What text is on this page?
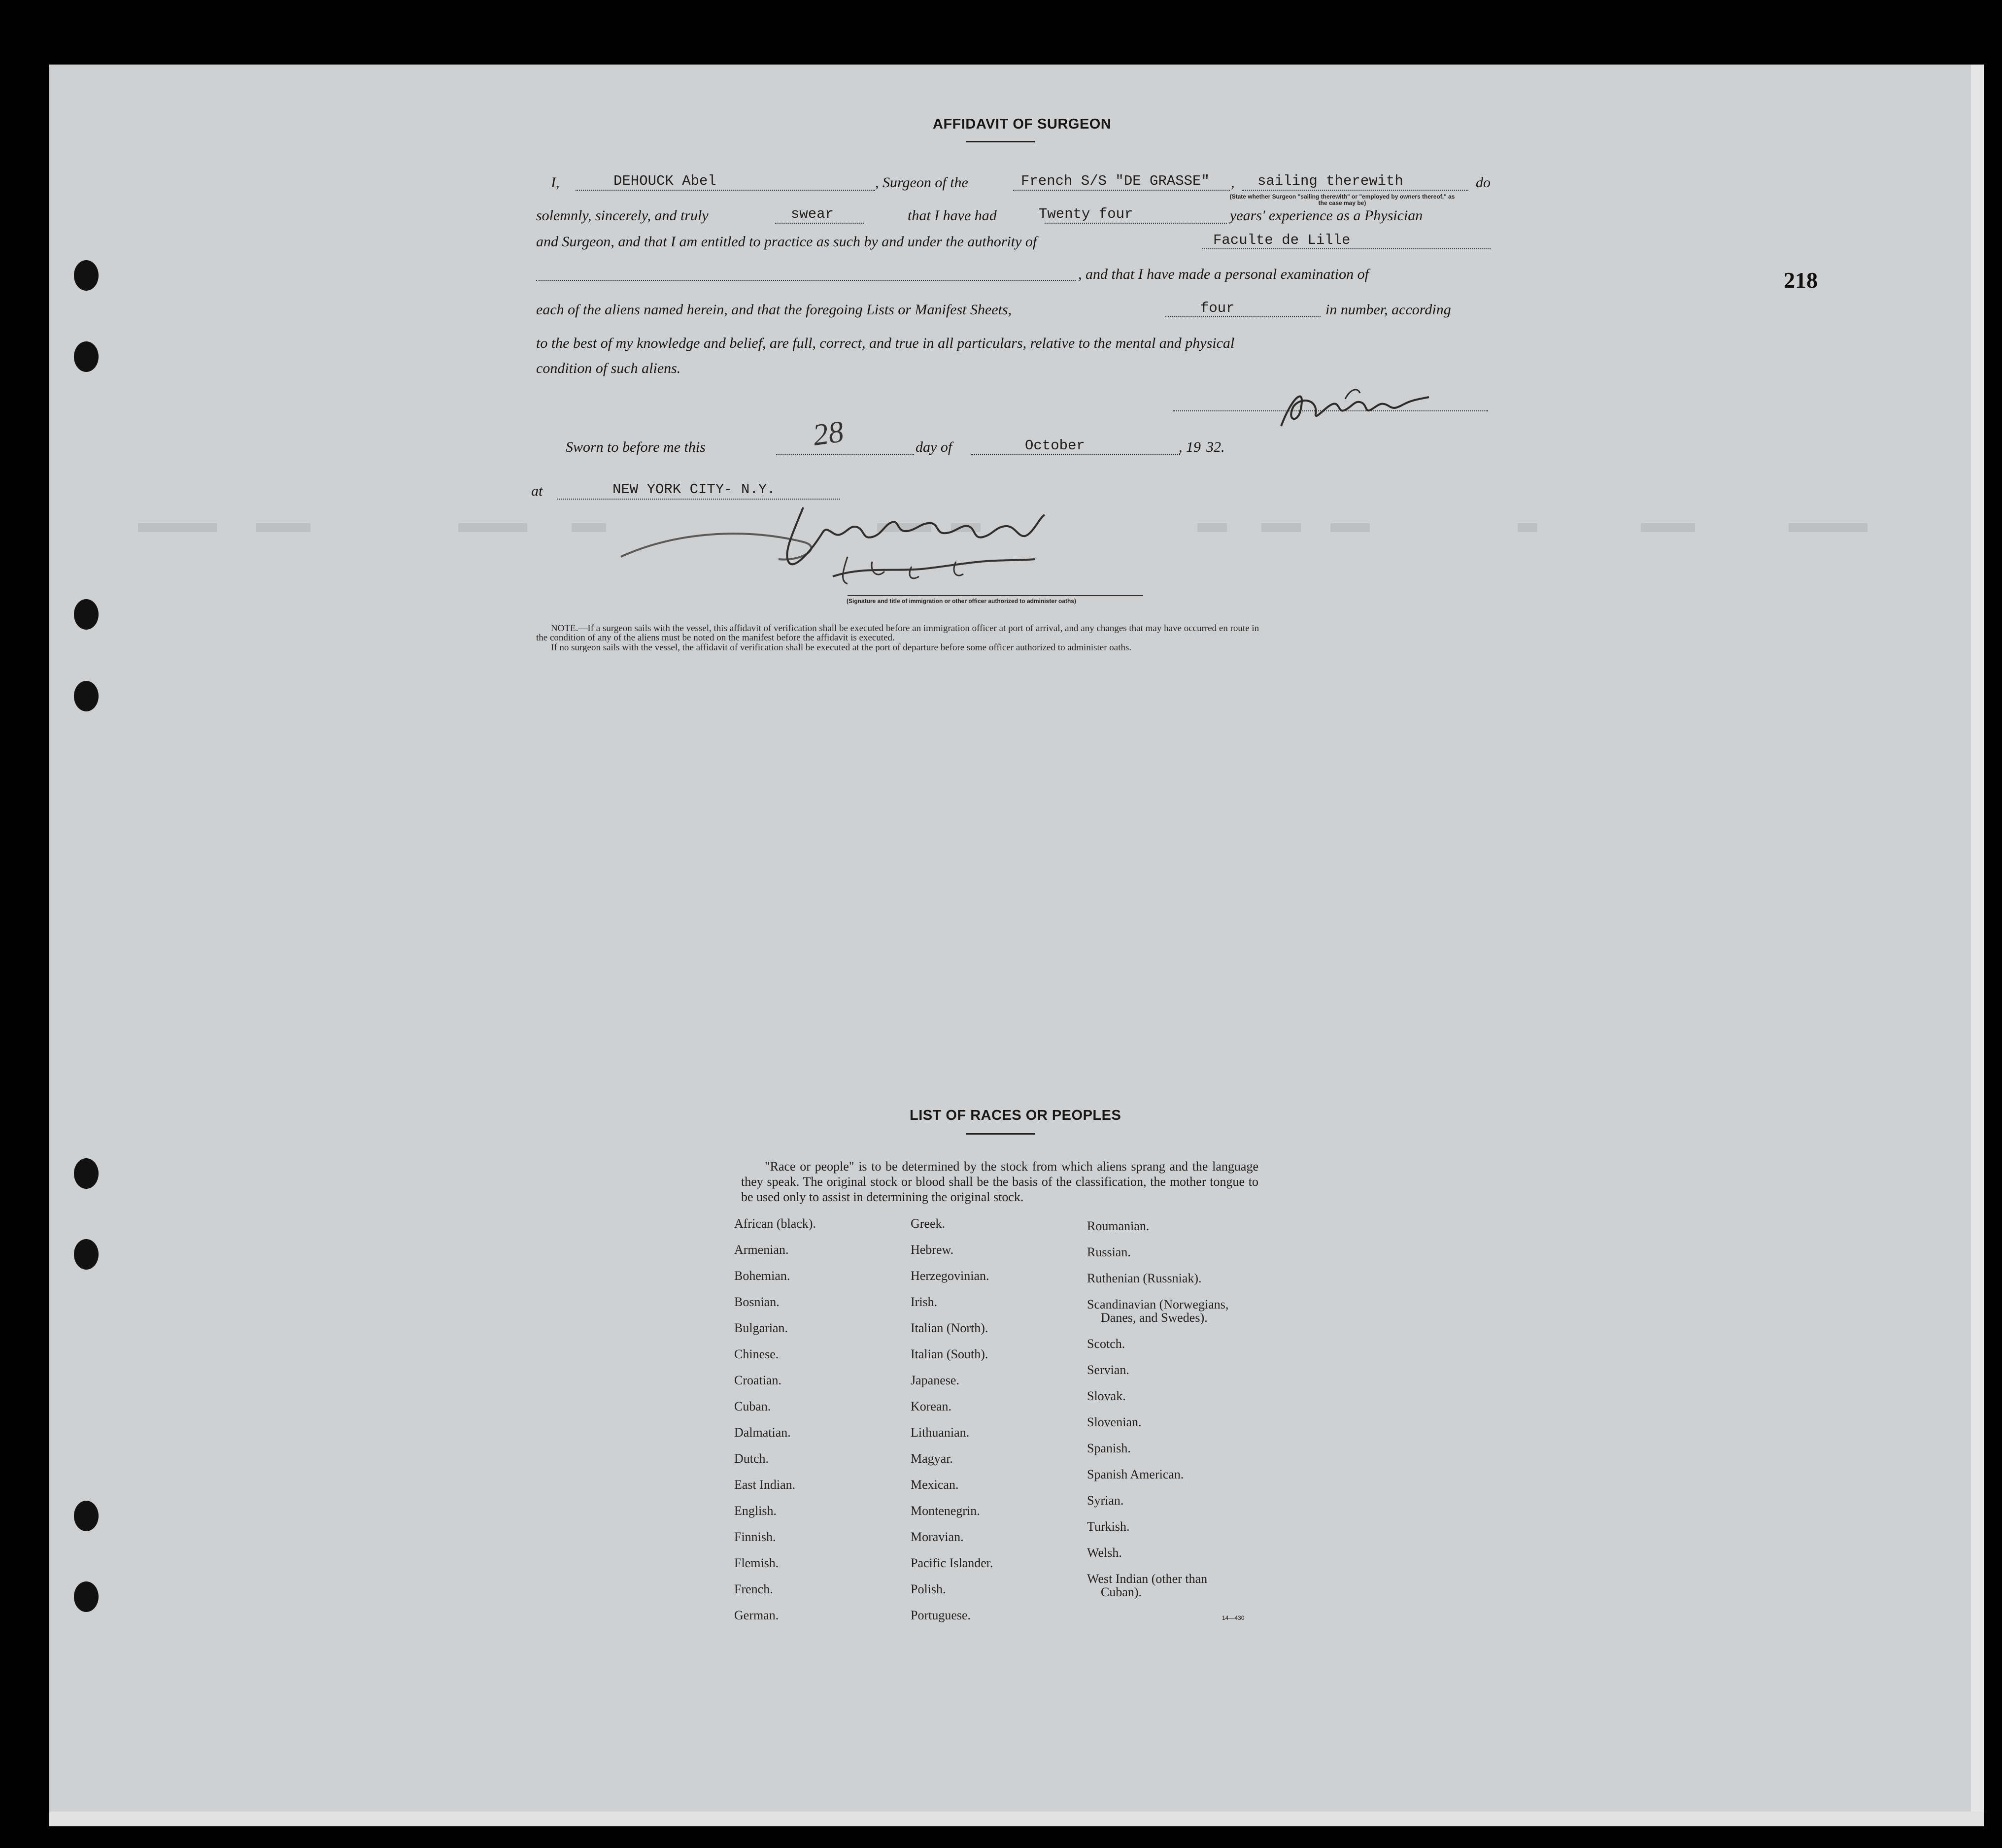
218
AFFIDAVIT OF SURGEON
I,	DEHOUCK Abel	, Surgeon of the	French S/S "DE GRASSE" , sailing therewith	do
(State whether Surgeon "sailing therewith" or "employed by owners thereof," as the case may be)
solemnly, sincerely, and truly	swear	that I have had	Twenty four	years' experience as a Physician
and Surgeon, and that I am entitled to practice as such by and under the authority of	Faculte de Lille
, and that I have made a personal examination of
each of the aliens named herein, and that the foregoing Lists or Manifest Sheets,	four	in number, according
to the best of my knowledge and belief, are full, correct, and true in all particulars, relative to the mental and physical
condition of such aliens.
Sworn to before me this	28	day of	October	, 19 32.
at	NEW YORK CITY- N.Y.
(Signature and title of immigration or other officer authorized to administer oaths)
NOTE.—If a surgeon sails with the vessel, this affidavit of verification shall be executed before an immigration officer at port of arrival, and any changes that may have occurred en route in
the condition of any of the aliens must be noted on the manifest before the affidavit is executed.
If no surgeon sails with the vessel, the affidavit of verification shall be executed at the port of departure before some officer authorized to administer oaths.
LIST OF RACES OR PEOPLES
"Race or people" is to be determined by the stock from which aliens sprang and the language they speak. The original stock or blood shall be the basis of the classification, the mother tongue to be used only to assist in determining the original stock.
African (black).
Armenian.
Bohemian.
Bosnian.
Bulgarian.
Chinese.
Croatian.
Cuban.
Dalmatian.
Dutch.
East Indian.
English.
Finnish.
Flemish.
French.
German.
Greek.
Hebrew.
Herzegovinian.
Irish.
Italian (North).
Italian (South).
Japanese.
Korean.
Lithuanian.
Magyar.
Mexican.
Montenegrin.
Moravian.
Pacific Islander.
Polish.
Portuguese.
Roumanian.
Russian.
Ruthenian (Russniak).
Scandinavian (Norwegians,
Danes, and Swedes).
Scotch.
Servian.
Slovak.
Slovenian.
Spanish.
Spanish American.
Syrian.
Turkish.
Welsh.
West Indian (other than
Cuban).
14—430
